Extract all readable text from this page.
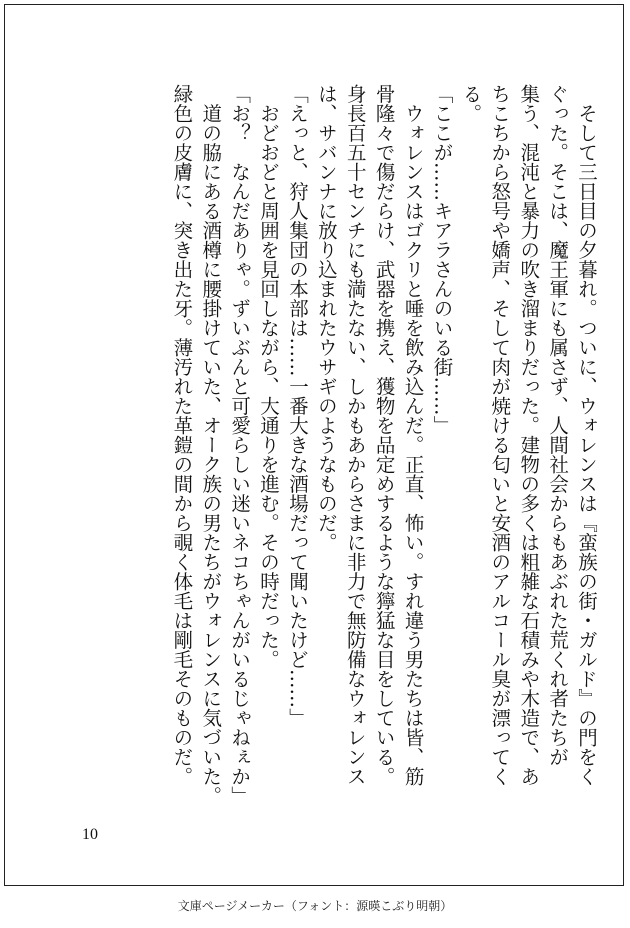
　そして三日目の夕暮れ。ついに、ウォレンスは『蛮族の街・ガルド』の門をく
ぐった。そこは、魔王軍にも属さず、人間社会からもあぶれた荒くれ者たちが
集う、混沌と暴力の吹き溜まりだった。建物の多くは粗雑な石積みや木造で、あ
ちこちから怒号や嬌声、そして肉が焼ける匂いと安酒のアルコール臭が漂ってく
る。
「ここが……キアラさんのいる街……」
　ウォレンスはゴクリと唾を飲み込んだ。正直、怖い。すれ違う男たちは皆、筋
骨隆々で傷だらけ、武器を携え、獲物を品定めするような獰猛な目をしている。
身長百五十センチにも満たない、しかもあからさまに非力で無防備なウォレンス
は、サバンナに放り込まれたウサギのようなものだ。
「えっと、狩人集団の本部は……一番大きな酒場だって聞いたけど……」
　おどおどと周囲を見回しながら、大通りを進む。その時だった。
「お？　なんだありゃ。ずいぶんと可愛らしい迷いネコちゃんがいるじゃねぇか」
　道の脇にある酒樽に腰掛けていた、オーク族の男たちがウォレンスに気づいた。
緑色の皮膚に、突き出た牙。薄汚れた革鎧の間から覗く体毛は剛毛そのものだ。
10
文庫ページメーカー（フォント：源暎こぶり明朝）
